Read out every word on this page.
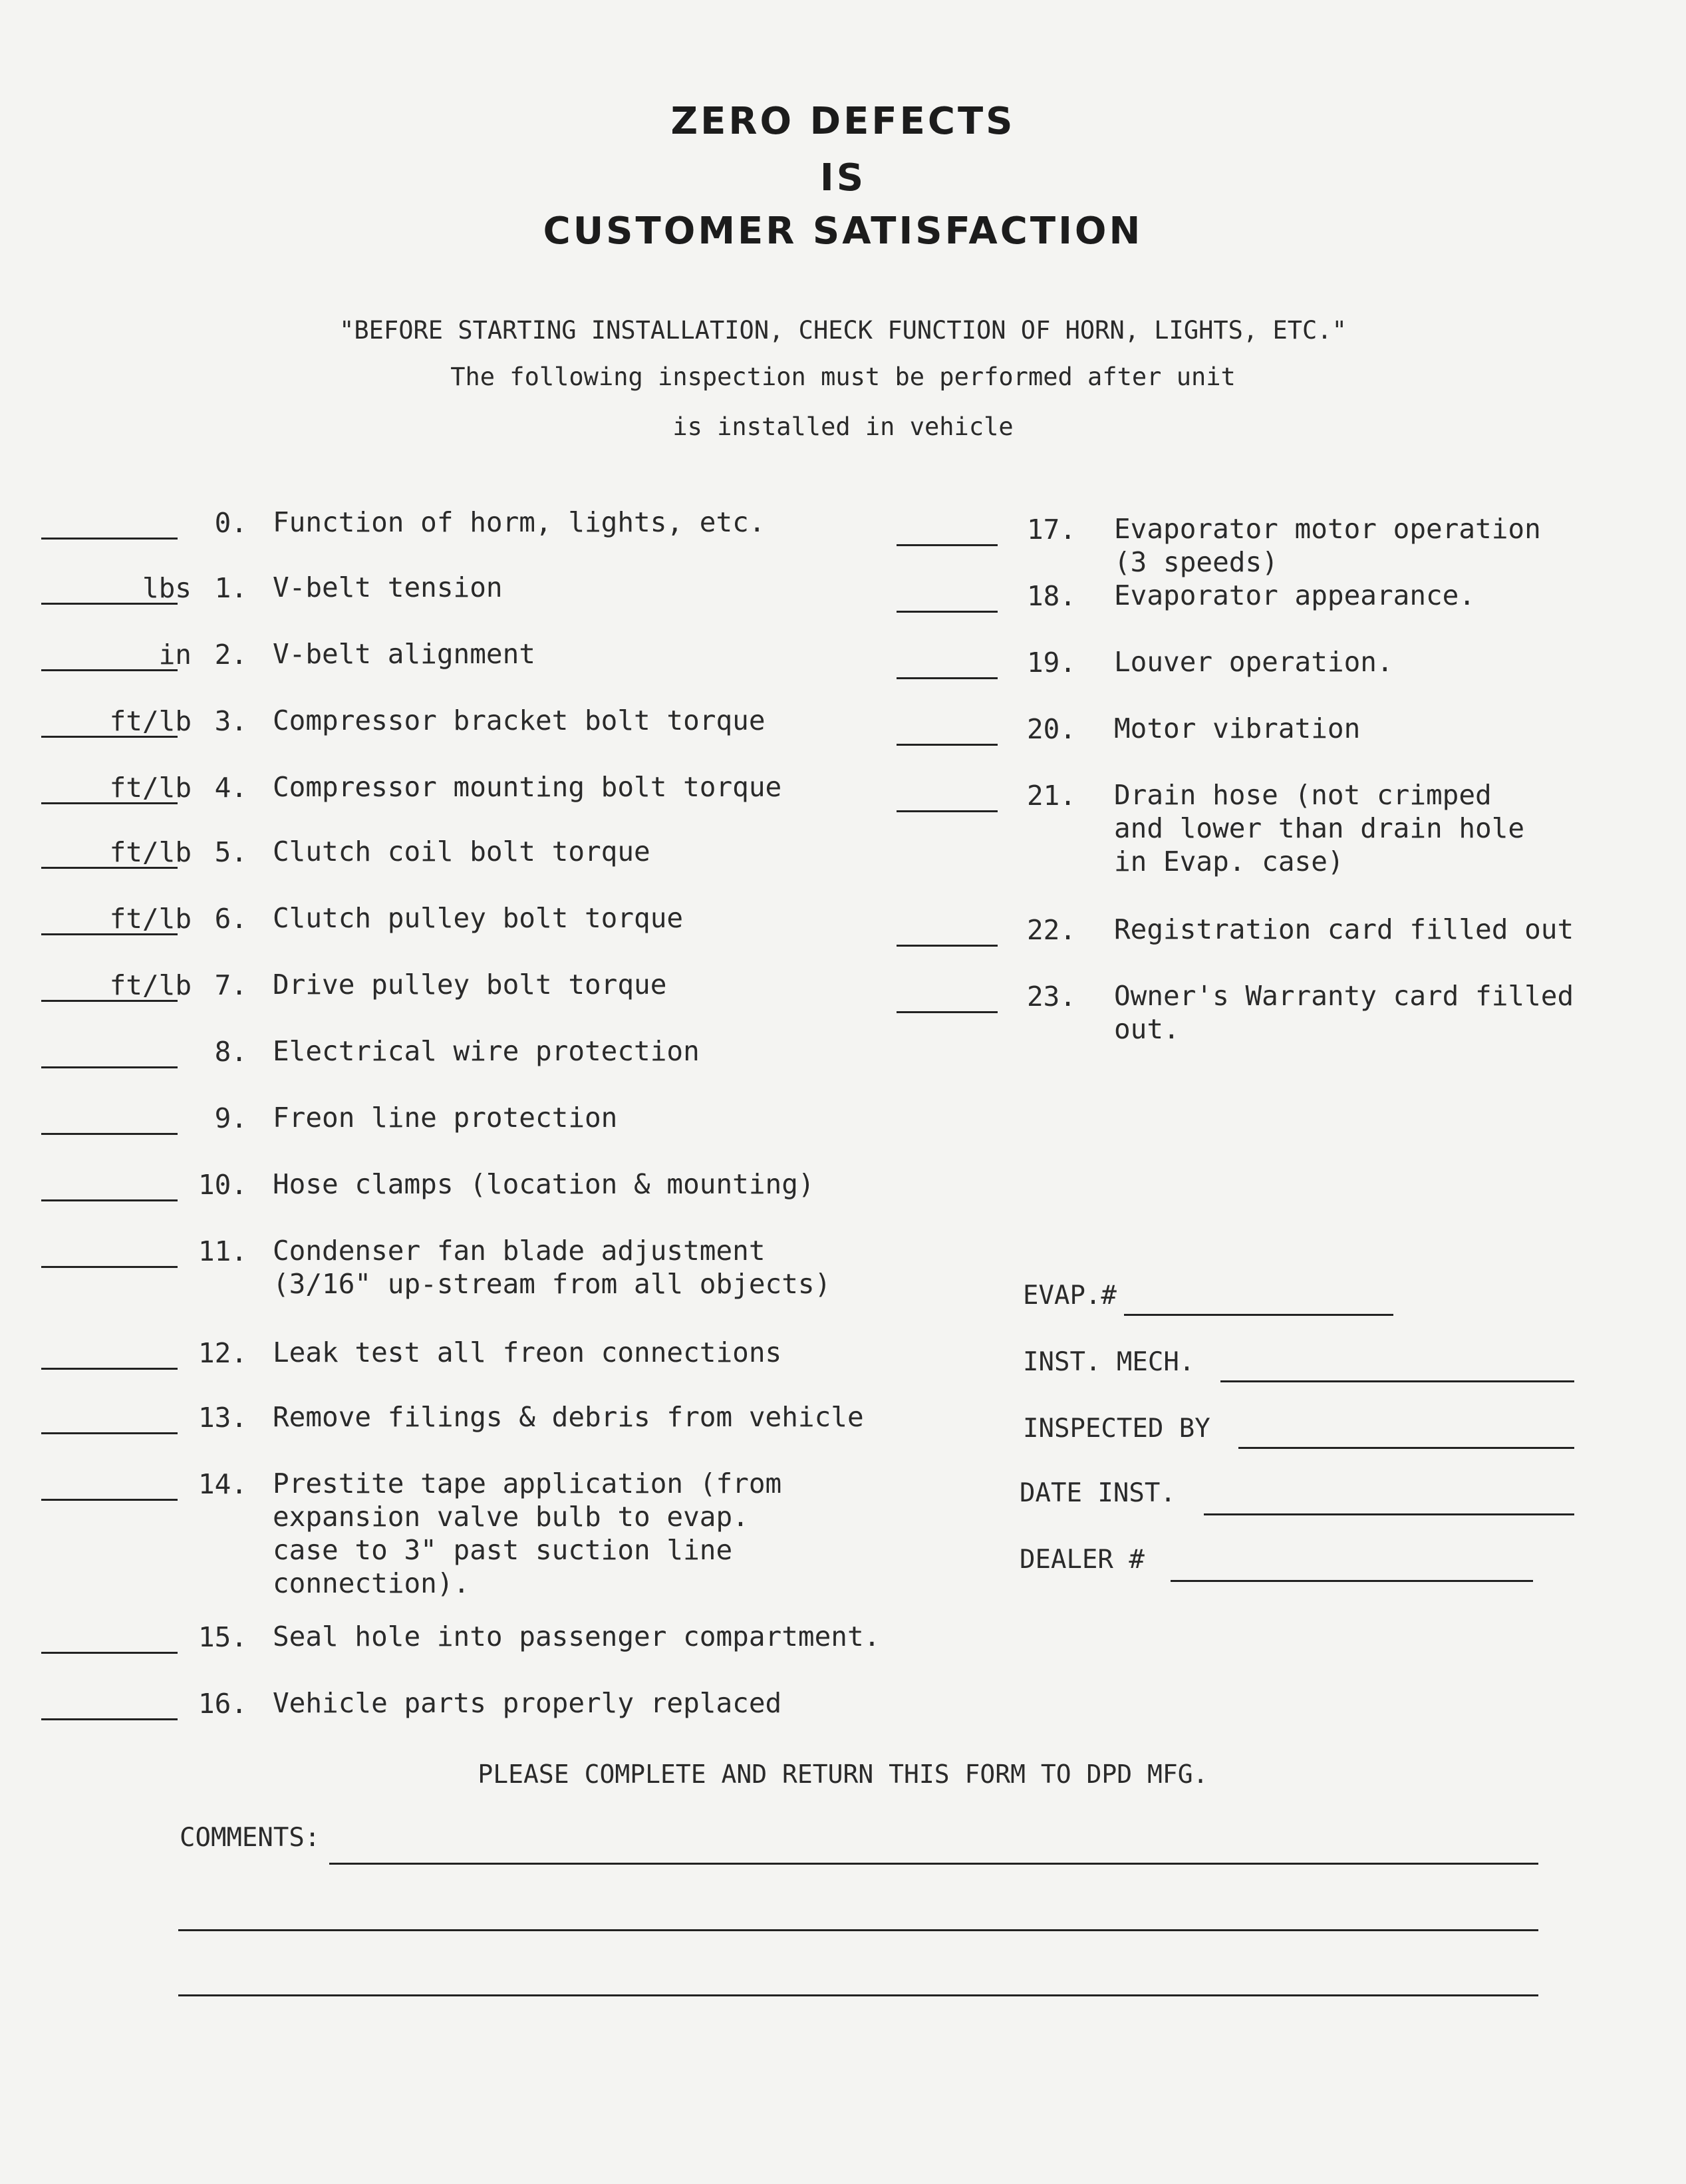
ZERO DEFECTS
IS
CUSTOMER SATISFACTION
"BEFORE STARTING INSTALLATION, CHECK FUNCTION OF HORN, LIGHTS, ETC."
The following inspection must be performed after unit
is installed in vehicle
0. Function of horm, lights, etc.
lbs 1. V-belt tension
in 2. V-belt alignment
ft/lb 3. Compressor bracket bolt torque
ft/lb 4. Compressor mounting bolt torque
ft/lb 5. Clutch coil bolt torque
ft/lb 6. Clutch pulley bolt torque
ft/lb 7. Drive pulley bolt torque
8. Electrical wire protection
9. Freon line protection
10. Hose clamps (location & mounting)
11. Condenser fan blade adjustment
(3/16" up-stream from all objects)
12. Leak test all freon connections
13. Remove filings & debris from vehicle
14. Prestite tape application (from
expansion valve bulb to evap.
case to 3" past suction line
connection).
15. Seal hole into passenger compartment.
16. Vehicle parts properly replaced
17. Evaporator motor operation
(3 speeds)
18. Evaporator appearance.
19. Louver operation.
20. Motor vibration
21. Drain hose (not crimped
and lower than drain hole
in Evap. case)
22. Registration card filled out
23. Owner's Warranty card filled
out.
EVAP.#
INST. MECH.
INSPECTED BY
DATE INST.
DEALER #
PLEASE COMPLETE AND RETURN THIS FORM TO DPD MFG.
COMMENTS:
